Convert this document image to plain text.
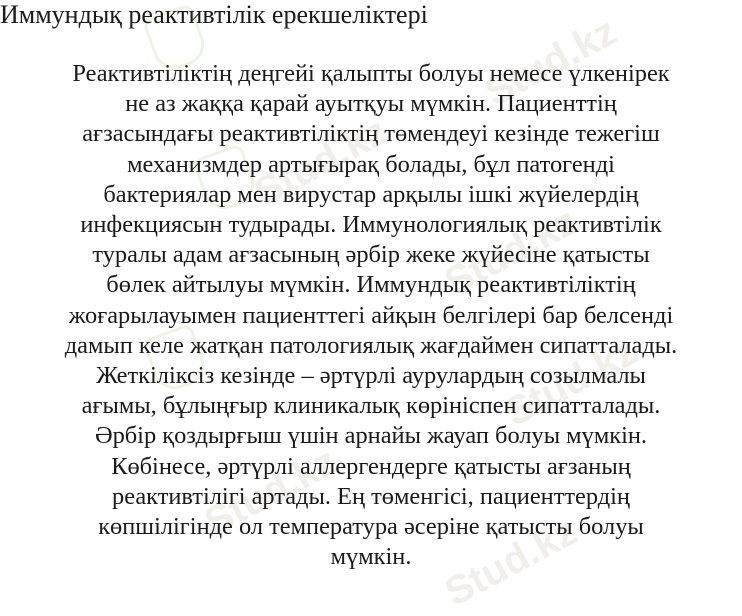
Stud.kz
Stud.kz
Stud.kz
Stud.kz
Stud.kz
Stud.kz
Иммундық реактивтілік ерекшеліктері

Реактивтіліктің деңгейі қалыпты болуы немесе үлкенірек
не аз жаққа қарай ауытқуы мүмкін. Пациенттің
ағзасындағы реактивтіліктің төмендеуі кезінде тежегіш
механизмдер артығырақ болады, бұл патогенді
бактериялар мен вирустар арқылы ішкі жүйелердің
инфекциясын тудырады. Иммунологиялық реактивтілік
туралы адам ағзасының әрбір жеке жүйесіне қатысты
бөлек айтылуы мүмкін. Иммундық реактивтіліктің
жоғарылауымен пациенттегі айқын белгілері бар белсенді
дамып келе жатқан патологиялық жағдаймен сипатталады.
Жеткіліксіз кезінде – әртүрлі аурулардың созылмалы
ағымы, бұлыңғыр клиникалық көрініспен сипатталады.
Әрбір қоздырғыш үшін арнайы жауап болуы мүмкін.
Көбінесе, әртүрлі аллергендерге қатысты ағзаның
реактивтілігі артады. Ең төменгісі, пациенттердің
көпшілігінде ол температура әсеріне қатысты болуы
мүмкін.
